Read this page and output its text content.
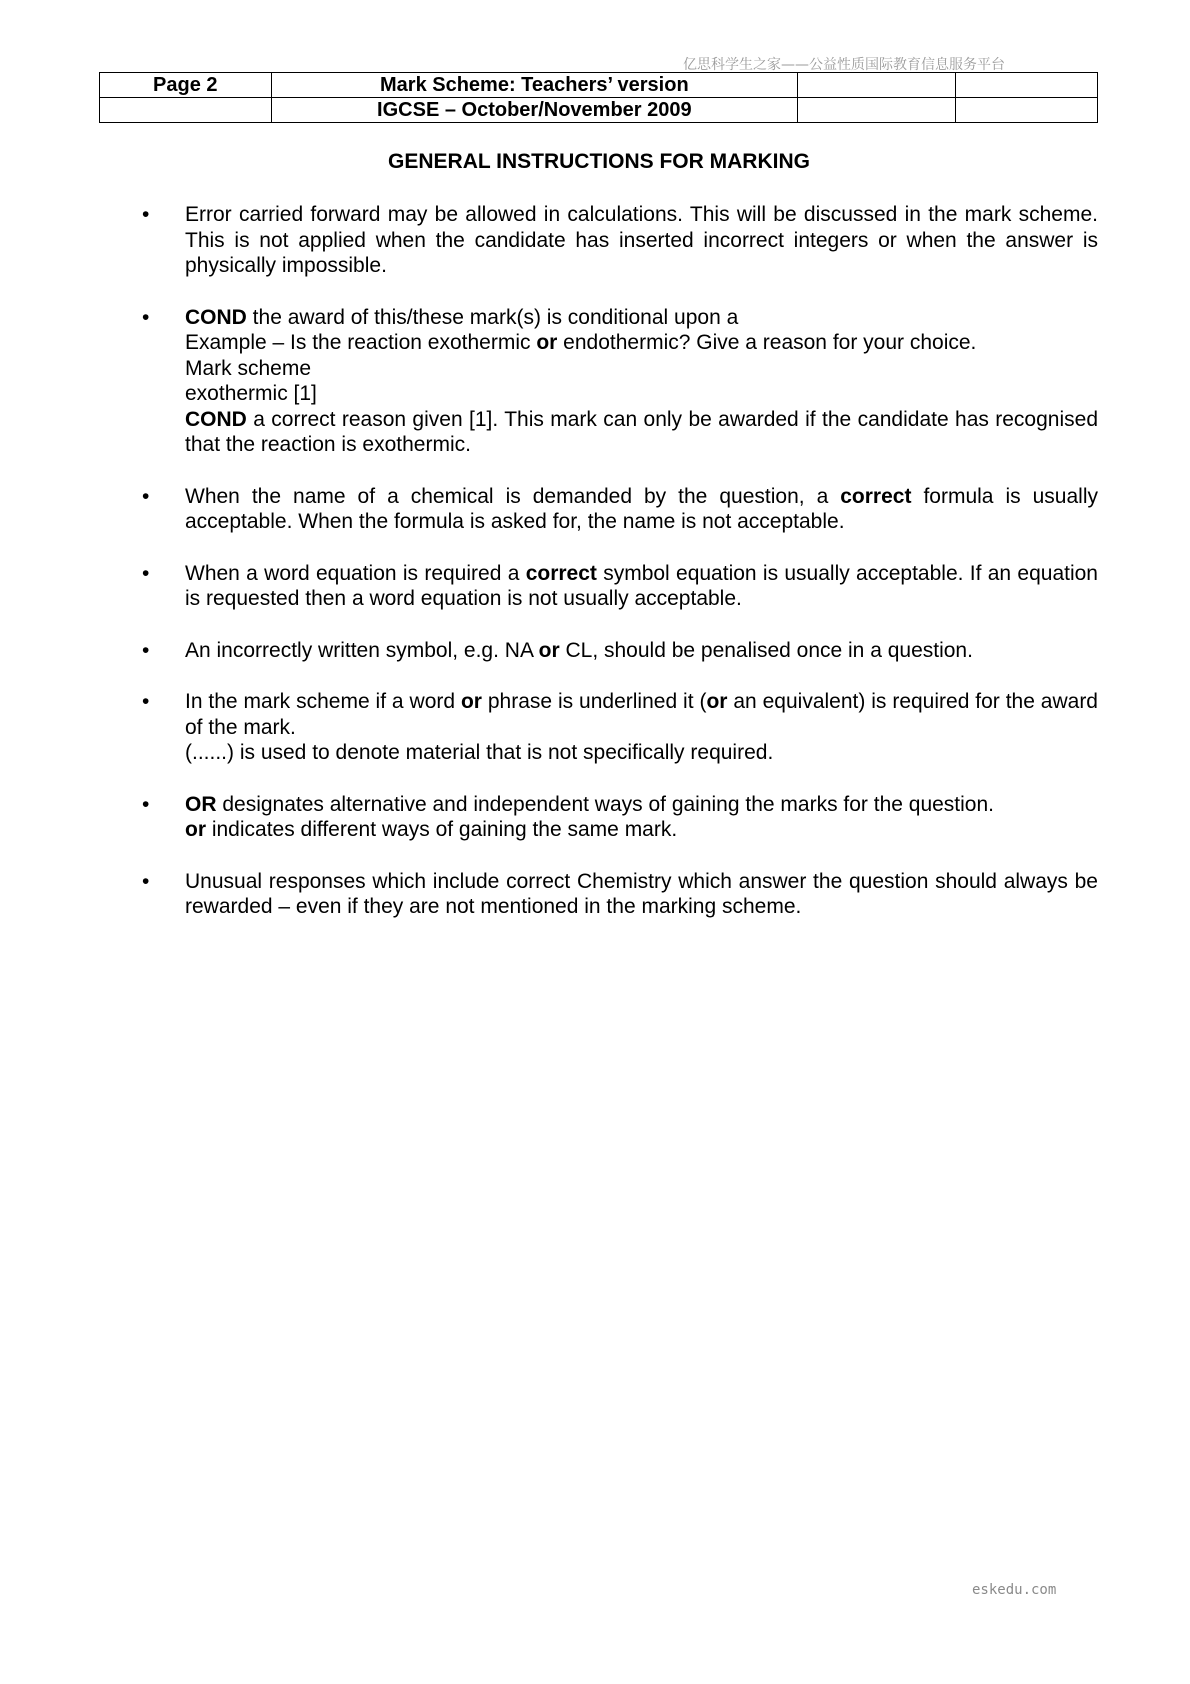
亿思科学生之家——公益性质国际教育信息服务平台
Page 2	Mark Scheme: Teachers’ version		
	IGCSE – October/November 2009		
GENERAL INSTRUCTIONS FOR MARKING
• Error carried forward may be allowed in calculations. This will be discussed in the mark scheme. This is not applied when the candidate has inserted incorrect integers or when the answer is physically impossible.
• COND the award of this/these mark(s) is conditional upon a
Example – Is the reaction exothermic or endothermic? Give a reason for your choice.
Mark scheme
exothermic [1]
COND a correct reason given [1]. This mark can only be awarded if the candidate has recognised that the reaction is exothermic.
• When the name of a chemical is demanded by the question, a correct formula is usually acceptable. When the formula is asked for, the name is not acceptable.
• When a word equation is required a correct symbol equation is usually acceptable. If an equation is requested then a word equation is not usually acceptable.
• An incorrectly written symbol, e.g. NA or CL, should be penalised once in a question.
• In the mark scheme if a word or phrase is underlined it (or an equivalent) is required for the award of the mark.
(......) is used to denote material that is not specifically required.
• OR designates alternative and independent ways of gaining the marks for the question.
or indicates different ways of gaining the same mark.
• Unusual responses which include correct Chemistry which answer the question should always be rewarded – even if they are not mentioned in the marking scheme.
eskedu.com
